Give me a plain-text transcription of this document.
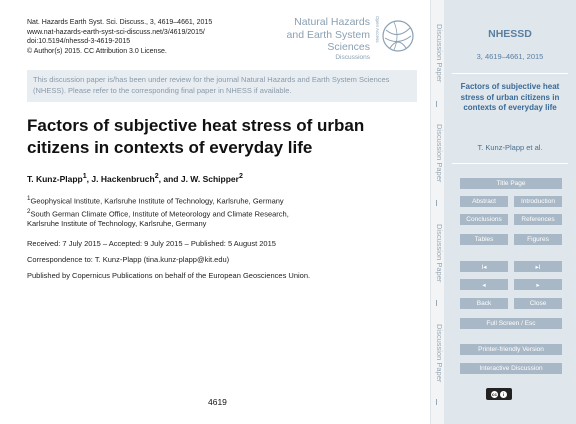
Nat. Hazards Earth Syst. Sci. Discuss., 3, 4619–4661, 2015
www.nat-hazards-earth-syst-sci-discuss.net/3/4619/2015/
doi:10.5194/nhessd-3-4619-2015
© Author(s) 2015. CC Attribution 3.0 License.
Natural Hazards
and Earth System
Sciences
Discussions
Open Access
This discussion paper is/has been under review for the journal Natural Hazards and Earth System Sciences (NHESS). Please refer to the corresponding final paper in NHESS if available.
Factors of subjective heat stress of urban citizens in contexts of everyday life
T. Kunz-Plapp$^1$, J. Hackenbruch$^2$, and J. W. Schipper$^2$
$^1$Geophysical Institute, Karlsruhe Institute of Technology, Karlsruhe, Germany
$^2$South German Climate Office, Institute of Meteorology and Climate Research,
Karlsruhe Institute of Technology, Karlsruhe, Germany
Received: 7 July 2015 – Accepted: 9 July 2015 – Published: 5 August 2015
Correspondence to: T. Kunz-Plapp (tina.kunz-plapp@kit.edu)
Published by Copernicus Publications on behalf of the European Geosciences Union.
4619
Discussion Paper
Discussion Paper
Discussion Paper
Discussion Paper
NHESSD
3, 4619–4661, 2015
Factors of subjective heat stress of urban citizens in contexts of everyday life
T. Kunz-Plapp et al.
Title Page
Abstract	Introduction
Conclusions	References
Tables	Figures
I◂	▸I
◂	▸
Back	Close
Full Screen / Esc
Printer-friendly Version
Interactive Discussion
cc	i
